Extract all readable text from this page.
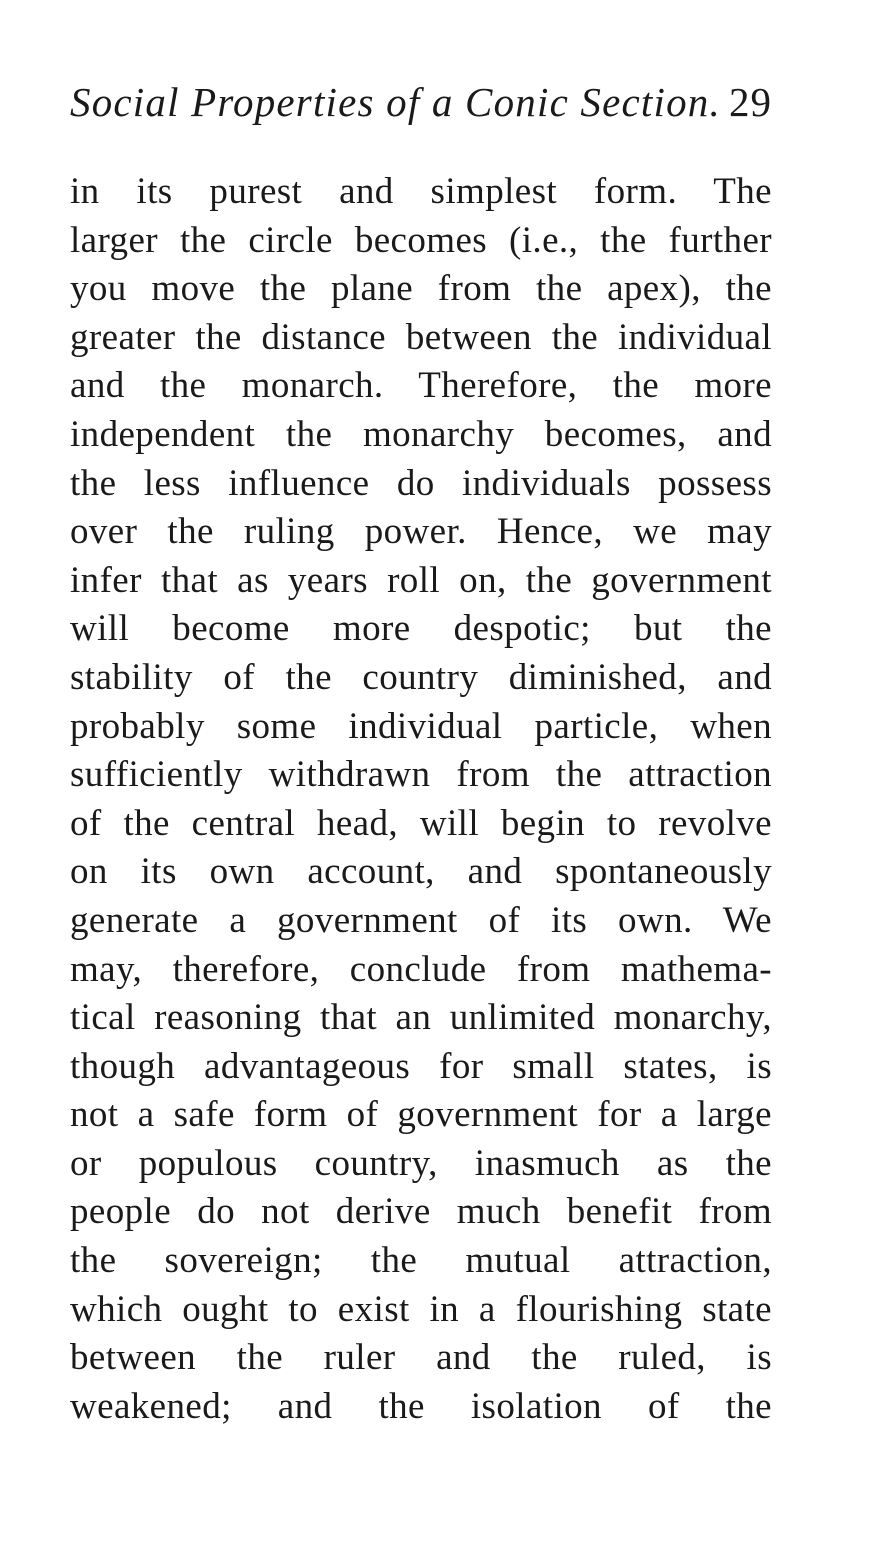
Social Properties of a Conic Section. 29
in its purest and simplest form. The
larger the circle becomes (i.e., the further
you move the plane from the apex), the
greater the distance between the individual
and the monarch. Therefore, the more
independent the monarchy becomes, and
the less influence do individuals possess
over the ruling power. Hence, we may
infer that as years roll on, the government
will become more despotic; but the
stability of the country diminished, and
probably some individual particle, when
sufficiently withdrawn from the attraction
of the central head, will begin to revolve
on its own account, and spontaneously
generate a government of its own. We
may, therefore, conclude from mathema-
tical reasoning that an unlimited monarchy,
though advantageous for small states, is
not a safe form of government for a large
or populous country, inasmuch as the
people do not derive much benefit from
the sovereign; the mutual attraction,
which ought to exist in a flourishing state
between the ruler and the ruled, is
weakened; and the isolation of the
